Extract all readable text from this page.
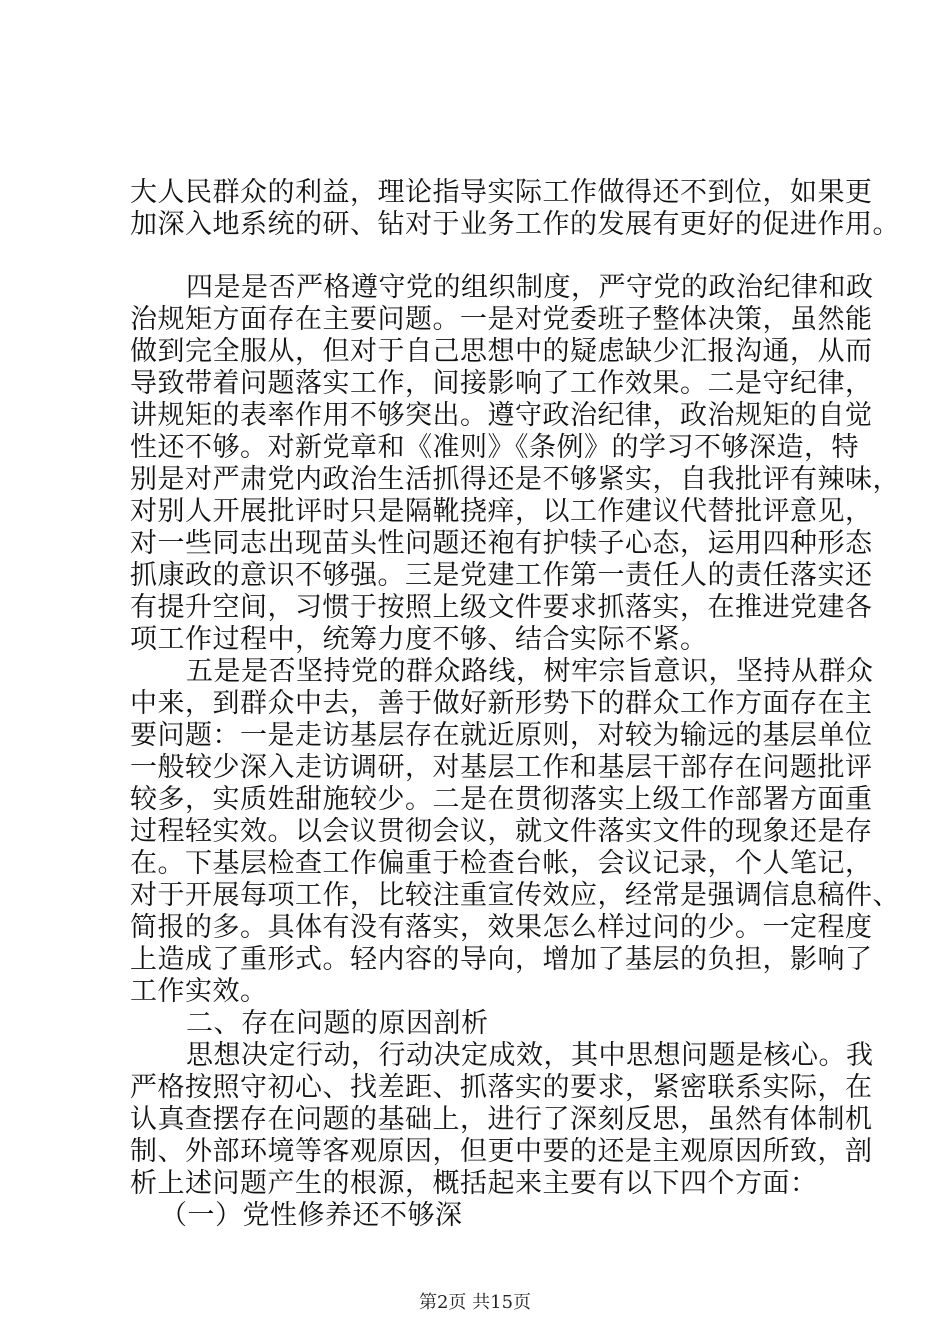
大人民群众的利益，理论指导实际工作做得还不到位，如果更
加深入地系统的研、钻对于业务工作的发展有更好的促进作用。
四是是否严格遵守党的组织制度，严守党的政治纪律和政
治规矩方面存在主要问题。一是对党委班子整体决策，虽然能
做到完全服从，但对于自己思想中的疑虑缺少汇报沟通，从而
导致带着问题落实工作，间接影响了工作效果。二是守纪律，
讲规矩的表率作用不够突出。遵守政治纪律，政治规矩的自觉
性还不够。对新党章和《准则》《条例》的学习不够深造，特
别是对严肃党内政治生活抓得还是不够紧实，自我批评有辣味，
对别人开展批评时只是隔靴挠痒，以工作建议代替批评意见，
对一些同志出现苗头性问题还袍有护犊子心态，运用四种形态
抓康政的意识不够强。三是党建工作第一责任人的责任落实还
有提升空间，习惯于按照上级文件要求抓落实，在推进党建各
项工作过程中，统筹力度不够、结合实际不紧。
五是是否坚持党的群众路线，树牢宗旨意识，坚持从群众
中来，到群众中去，善于做好新形势下的群众工作方面存在主
要问题：一是走访基层存在就近原则，对较为输远的基层单位
一般较少深入走访调研，对基层工作和基层干部存在问题批评
较多，实质姓甜施较少。二是在贯彻落实上级工作部署方面重
过程轻实效。以会议贯彻会议，就文件落实文件的现象还是存
在。下基层检查工作偏重于检查台帐，会议记录，个人笔记，
对于开展每项工作，比较注重宣传效应，经常是强调信息稿件、
简报的多。具体有没有落实，效果怎么样过问的少。一定程度
上造成了重形式。轻内容的导向，增加了基层的负担，影响了
工作实效。
二、存在问题的原因剖析
思想决定行动，行动决定成效，其中思想问题是核心。我
严格按照守初心、找差距、抓落实的要求，紧密联系实际，在
认真查摆存在问题的基础上，进行了深刻反思，虽然有体制机
制、外部环境等客观原因，但更中要的还是主观原因所致，剖
析上述问题产生的根源，概括起来主要有以下四个方面：
（一）党性修养还不够深
第2页 共15页
